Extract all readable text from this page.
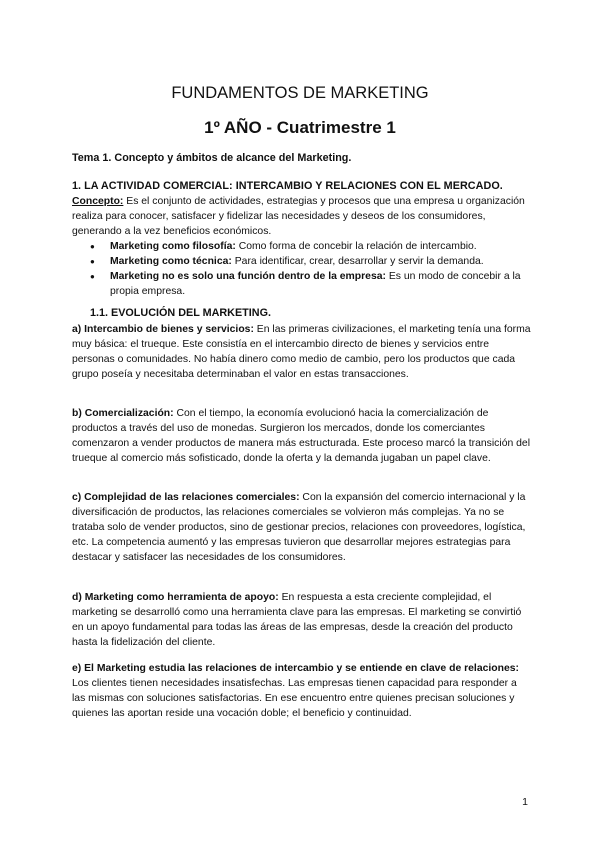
FUNDAMENTOS DE MARKETING
1º AÑO - Cuatrimestre 1
Tema 1. Concepto y ámbitos de alcance del Marketing.

1. LA ACTIVIDAD COMERCIAL: INTERCAMBIO Y RELACIONES CON EL MERCADO.

Concepto: Es el conjunto de actividades, estrategias y procesos que una empresa u organización realiza para conocer, satisfacer y fidelizar las necesidades y deseos de los consumidores, generando a la vez beneficios económicos.

● Marketing como filosofía: Como forma de concebir la relación de intercambio.
● Marketing como técnica: Para identificar, crear, desarrollar y servir la demanda.
● Marketing no es solo una función dentro de la empresa: Es un modo de concebir a la propia empresa.
1.1. EVOLUCIÓN DEL MARKETING.

a) Intercambio de bienes y servicios: En las primeras civilizaciones, el marketing tenía una forma muy básica: el trueque. Este consistía en el intercambio directo de bienes y servicios entre personas o comunidades. No había dinero como medio de cambio, pero los productos que cada grupo poseía y necesitaba determinaban el valor en estas transacciones.

b) Comercialización: Con el tiempo, la economía evolucionó hacia la comercialización de productos a través del uso de monedas. Surgieron los mercados, donde los comerciantes comenzaron a vender productos de manera más estructurada. Este proceso marcó la transición del trueque al comercio más sofisticado, donde la oferta y la demanda jugaban un papel clave.

c) Complejidad de las relaciones comerciales: Con la expansión del comercio internacional y la diversificación de productos, las relaciones comerciales se volvieron más complejas. Ya no se trataba solo de vender productos, sino de gestionar precios, relaciones con proveedores, logística, etc. La competencia aumentó y las empresas tuvieron que desarrollar mejores estrategias para destacar y satisfacer las necesidades de los consumidores.

d) Marketing como herramienta de apoyo: En respuesta a esta creciente complejidad, el marketing se desarrolló como una herramienta clave para las empresas. El marketing se convirtió en un apoyo fundamental para todas las áreas de las empresas, desde la creación del producto hasta la fidelización del cliente.

e) El Marketing estudia las relaciones de intercambio y se entiende en clave de relaciones: Los clientes tienen necesidades insatisfechas. Las empresas tienen capacidad para responder a las mismas con soluciones satisfactorias. En ese encuentro entre quienes precisan soluciones y quienes las aportan reside una vocación doble; el beneficio y continuidad.

1
